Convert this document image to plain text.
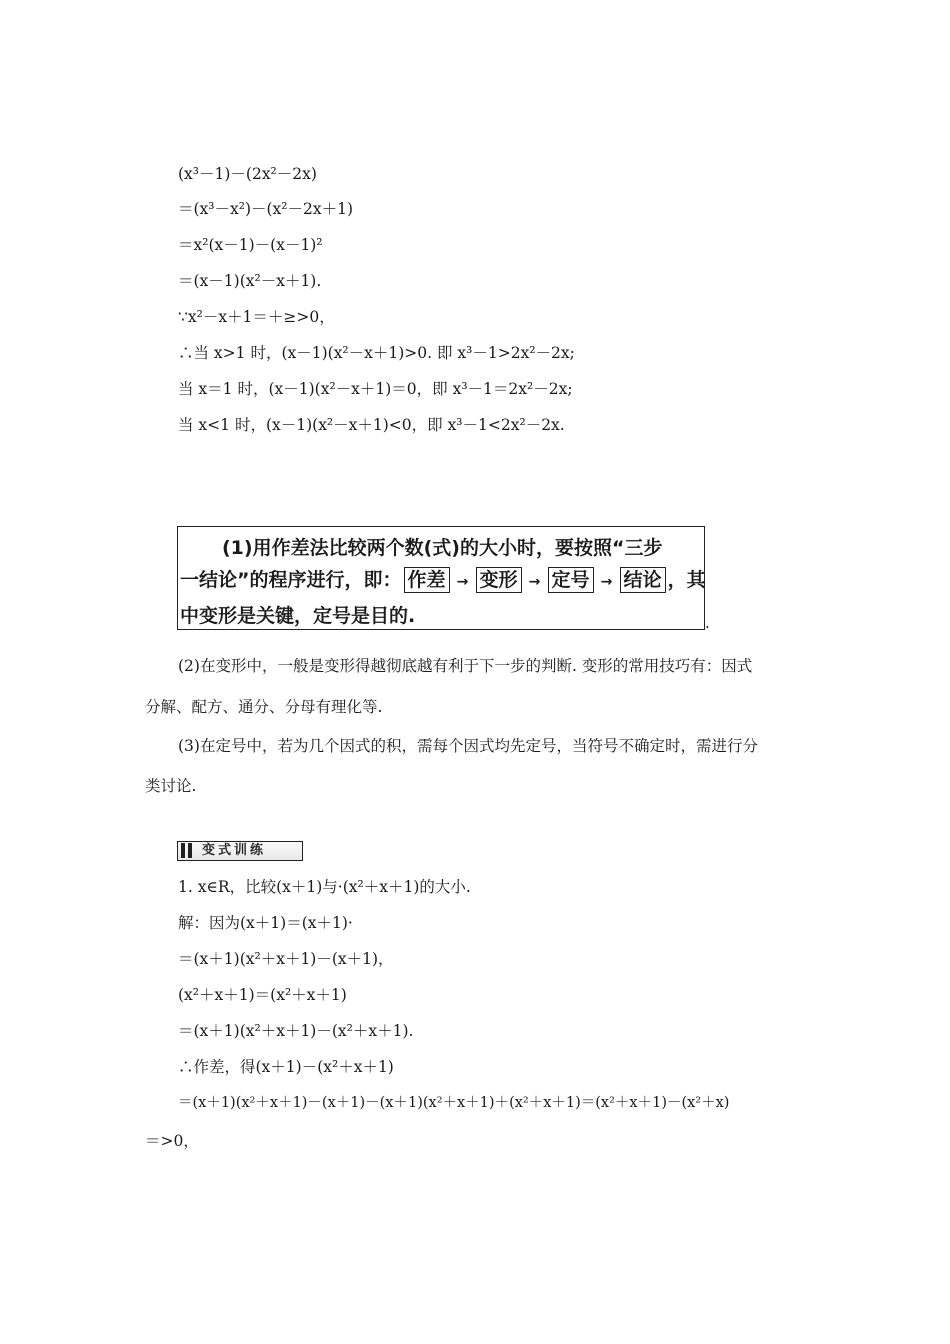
(x³－1)－(2x²－2x)
＝(x³－x²)－(x²－2x＋1)
＝x²(x－1)－(x－1)²
＝(x－1)(x²－x＋1).
∵x²－x＋1＝＋≥>0，
∴当 x>1 时，(x－1)(x²－x＋1)>0. 即 x³－1>2x²－2x;
当 x＝1 时，(x－1)(x²－x＋1)＝0，即 x³－1＝2x²－2x;
当 x<1 时，(x－1)(x²－x＋1)<0，即 x³－1<2x²－2x.
(1)用作差法比较两个数(式)的大小时，要按照“三步
一结论”的程序进行，即： 作差 → 变形 → 定号 → 结论 ，其
中变形是关键，定号是目的.	.
(2)在变形中，一般是变形得越彻底越有利于下一步的判断. 变形的常用技巧有：因式
分解、配方、通分、分母有理化等.
(3)在定号中，若为几个因式的积，需每个因式均先定号，当符号不确定时，需进行分
类讨论.
变式训练
1. x∈R，比较(x＋1)与·(x²＋x＋1)的大小.
解：因为(x＋1)＝(x＋1)·
＝(x＋1)(x²＋x＋1)－(x＋1)，
(x²＋x＋1)＝(x²＋x＋1)
＝(x＋1)(x²＋x＋1)－(x²＋x＋1).
∴作差，得(x＋1)－(x²＋x＋1)
＝(x＋1)(x²＋x＋1)－(x＋1)－(x＋1)(x²＋x＋1)＋(x²＋x＋1)＝(x²＋x＋1)－(x²＋x)
＝>0，
